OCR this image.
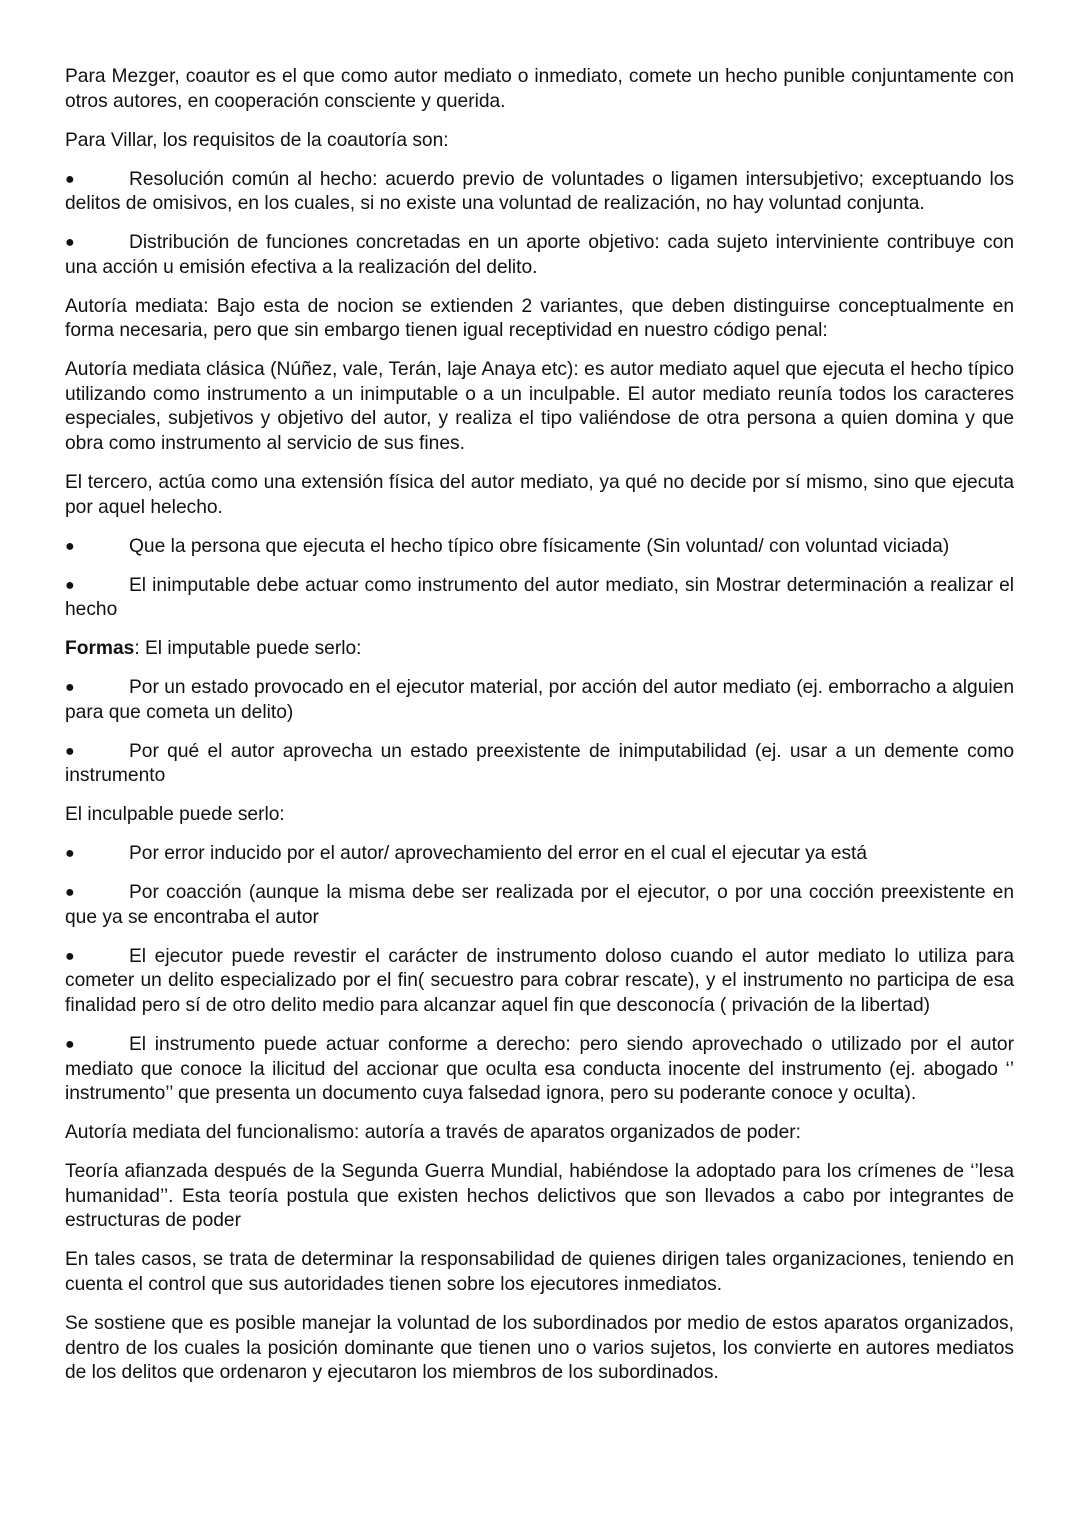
Para Mezger, coautor es el que como autor mediato o inmediato, comete un hecho punible conjuntamente con otros autores, en cooperación consciente y querida.

Para Villar, los requisitos de la coautoría son:

●	Resolución común al hecho: acuerdo previo de voluntades o ligamen intersubjetivo; exceptuando los delitos de omisivos, en los cuales, si no existe una voluntad de realización, no hay voluntad conjunta.

●	Distribución de funciones concretadas en un aporte objetivo: cada sujeto interviniente contribuye con una acción u emisión efectiva a la realización del delito.

Autoría mediata: Bajo esta de nocion se extienden 2 variantes, que deben distinguirse conceptualmente en forma necesaria, pero que sin embargo tienen igual receptividad en nuestro código penal:

Autoría mediata clásica (Núñez, vale, Terán, laje Anaya etc): es autor mediato aquel que ejecuta el hecho típico utilizando como instrumento a un inimputable o a un inculpable. El autor mediato reunía todos los caracteres especiales, subjetivos y objetivo del autor, y realiza el tipo valiéndose de otra persona a quien domina y que obra como instrumento al servicio de sus fines.

El tercero, actúa como una extensión física del autor mediato, ya qué no decide por sí mismo, sino que ejecuta por aquel helecho.

●	Que la persona que ejecuta el hecho típico obre físicamente (Sin voluntad/ con voluntad viciada)

●	El inimputable debe actuar como instrumento del autor mediato, sin Mostrar determinación a realizar el hecho

Formas: El imputable puede serlo:

●	Por un estado provocado en el ejecutor material, por acción del autor mediato (ej. emborracho a alguien para que cometa un delito)

●	Por qué el autor aprovecha un estado preexistente de inimputabilidad (ej. usar a un demente como instrumento

El inculpable puede serlo:

●	Por error inducido por el autor/ aprovechamiento del error en el cual el ejecutar ya está

●	Por coacción (aunque la misma debe ser realizada por el ejecutor, o por una cocción preexistente en que ya se encontraba el autor

●	El ejecutor puede revestir el carácter de instrumento doloso cuando el autor mediato lo utiliza para cometer un delito especializado por el fin( secuestro para cobrar rescate), y el instrumento no participa de esa finalidad pero sí de otro delito medio para alcanzar aquel fin que desconocía ( privación de la libertad)

●	El instrumento puede actuar conforme a derecho: pero siendo aprovechado o utilizado por el autor mediato que conoce la ilicitud del accionar que oculta esa conducta inocente del instrumento (ej. abogado ‘’ instrumento’’ que presenta un documento cuya falsedad ignora, pero su poderante conoce y oculta).

Autoría mediata del funcionalismo: autoría a través de aparatos organizados de poder:

Teoría afianzada después de la Segunda Guerra Mundial, habiéndose la adoptado para los crímenes de ‘’lesa humanidad’’. Esta teoría postula que existen hechos delictivos que son llevados a cabo por integrantes de estructuras de poder

En tales casos, se trata de determinar la responsabilidad de quienes dirigen tales organizaciones, teniendo en cuenta el control que sus autoridades tienen sobre los ejecutores inmediatos.

Se sostiene que es posible manejar la voluntad de los subordinados por medio de estos aparatos organizados, dentro de los cuales la posición dominante que tienen uno o varios sujetos, los convierte en autores mediatos de los delitos que ordenaron y ejecutaron los miembros de los subordinados.
